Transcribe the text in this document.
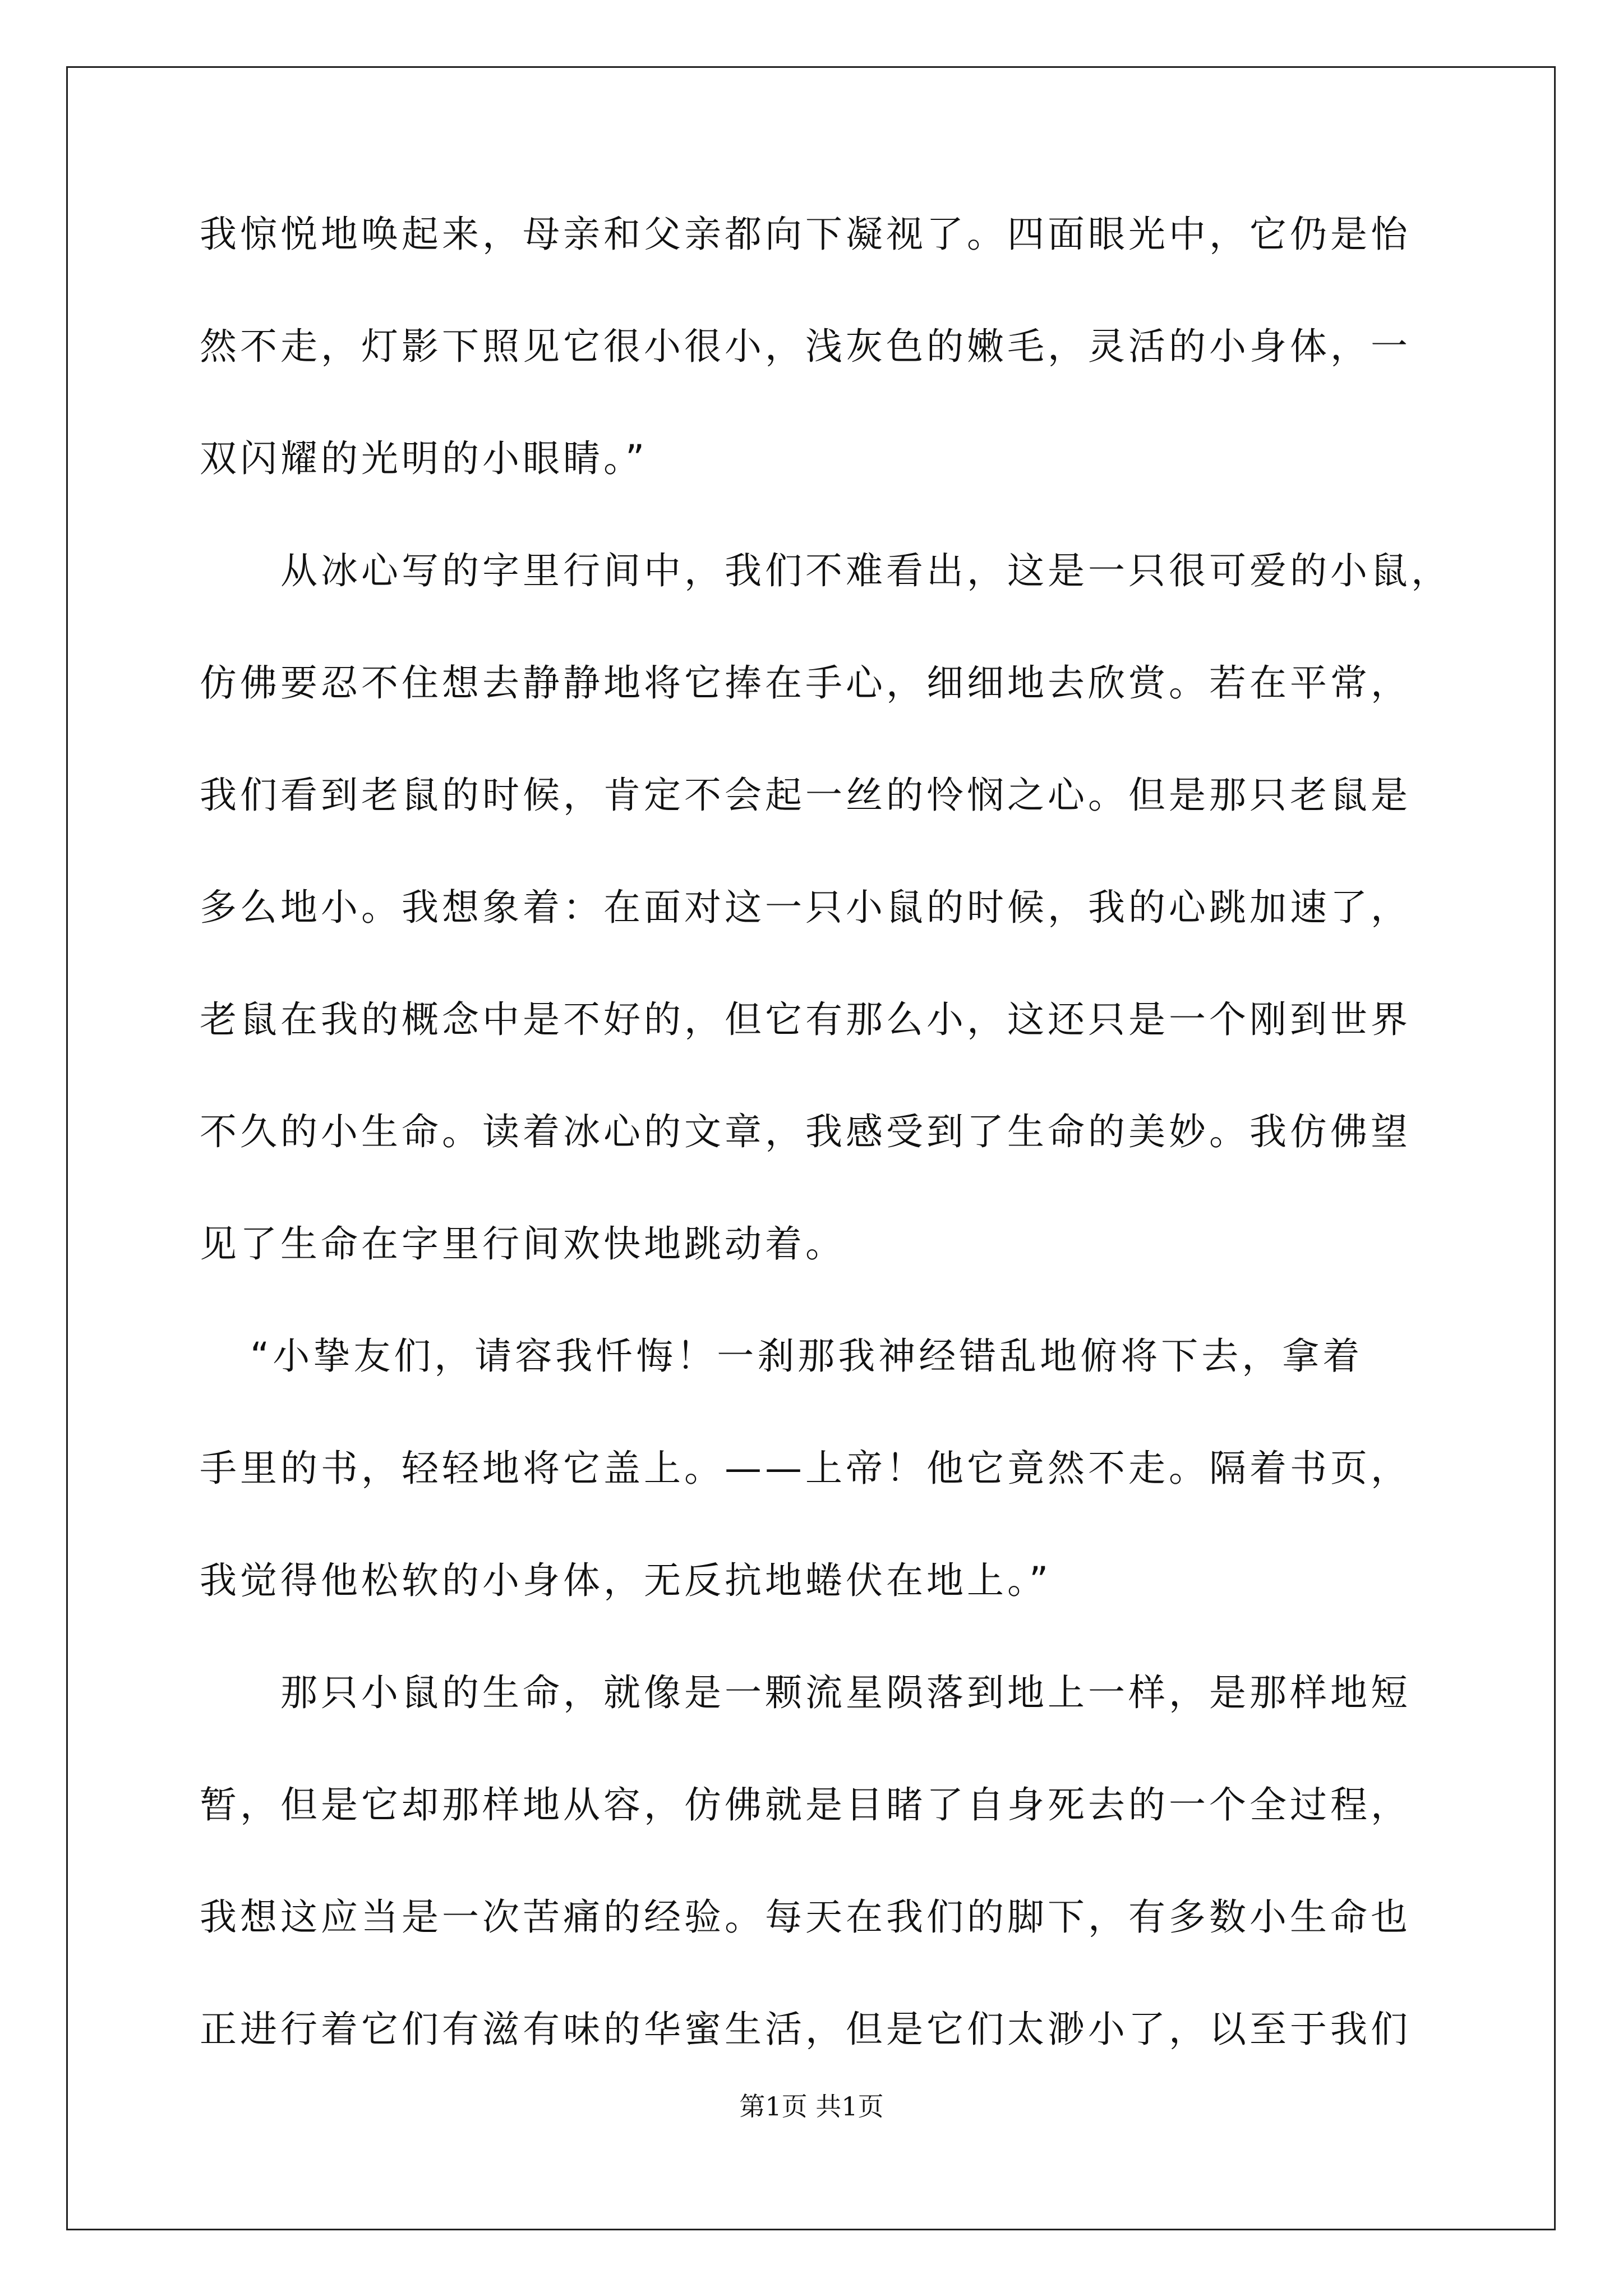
我惊悦地唤起来，母亲和父亲都向下凝视了。四面眼光中，它仍是怡
然不走，灯影下照见它很小很小，浅灰色的嫩毛，灵活的小身体，一
双闪耀的光明的小眼睛。”
从冰心写的字里行间中，我们不难看出，这是一只很可爱的小鼠，
仿佛要忍不住想去静静地将它捧在手心，细细地去欣赏。若在平常，
我们看到老鼠的时候，肯定不会起一丝的怜悯之心。但是那只老鼠是
多么地小。我想象着：在面对这一只小鼠的时候，我的心跳加速了，
老鼠在我的概念中是不好的，但它有那么小，这还只是一个刚到世界
不久的小生命。读着冰心的文章，我感受到了生命的美妙。我仿佛望
见了生命在字里行间欢快地跳动着。
“小挚友们，请容我忏悔！一刹那我神经错乱地俯将下去，拿着
手里的书，轻轻地将它盖上。——上帝！他它竟然不走。隔着书页，
我觉得他松软的小身体，无反抗地蜷伏在地上。”
那只小鼠的生命，就像是一颗流星陨落到地上一样，是那样地短
暂，但是它却那样地从容，仿佛就是目睹了自身死去的一个全过程，
我想这应当是一次苦痛的经验。每天在我们的脚下，有多数小生命也
正进行着它们有滋有味的华蜜生活，但是它们太渺小了，以至于我们
第1页 共1页
